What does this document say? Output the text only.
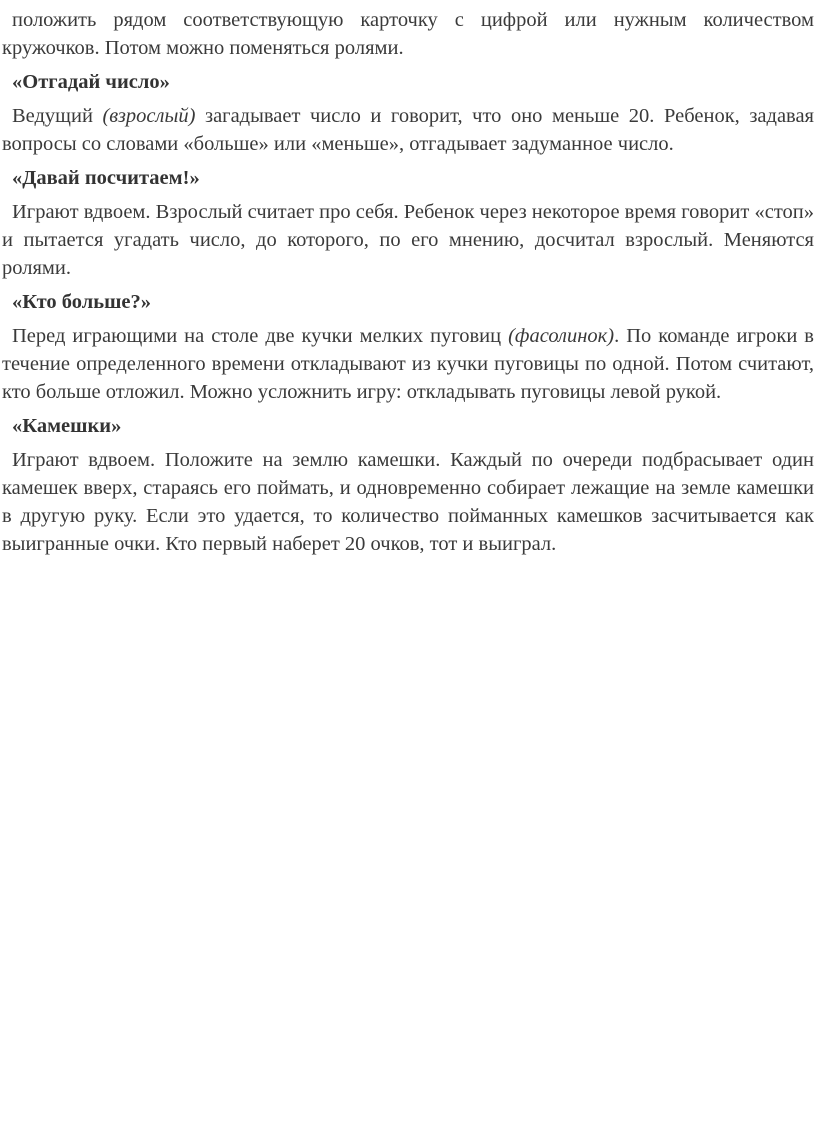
положить рядом соответствующую карточку с цифрой или нужным количеством кружочков. Потом можно поменяться ролями.

«Отгадай число»

Ведущий (взрослый) загадывает число и говорит, что оно меньше 20. Ребенок, задавая вопросы со словами «больше» или «меньше», отгадывает задуманное число.

«Давай посчитаем!»

Играют вдвоем. Взрослый считает про себя. Ребенок через некоторое время говорит «стоп» и пытается угадать число, до которого, по его мнению, досчитал взрослый. Меняются ролями.

«Кто больше?»

Перед играющими на столе две кучки мелких пуговиц (фасолинок). По команде игроки в течение определенного времени откладывают из кучки пуговицы по одной. Потом считают, кто больше отложил. Можно усложнить игру: откладывать пуговицы левой рукой.

«Камешки»

Играют вдвоем. Положите на землю камешки. Каждый по очереди подбрасывает один камешек вверх, стараясь его поймать, и одновременно собирает лежащие на земле камешки в другую руку. Если это удается, то количество пойманных камешков засчитывается как выигранные очки. Кто первый наберет 20 очков, тот и выиграл.
